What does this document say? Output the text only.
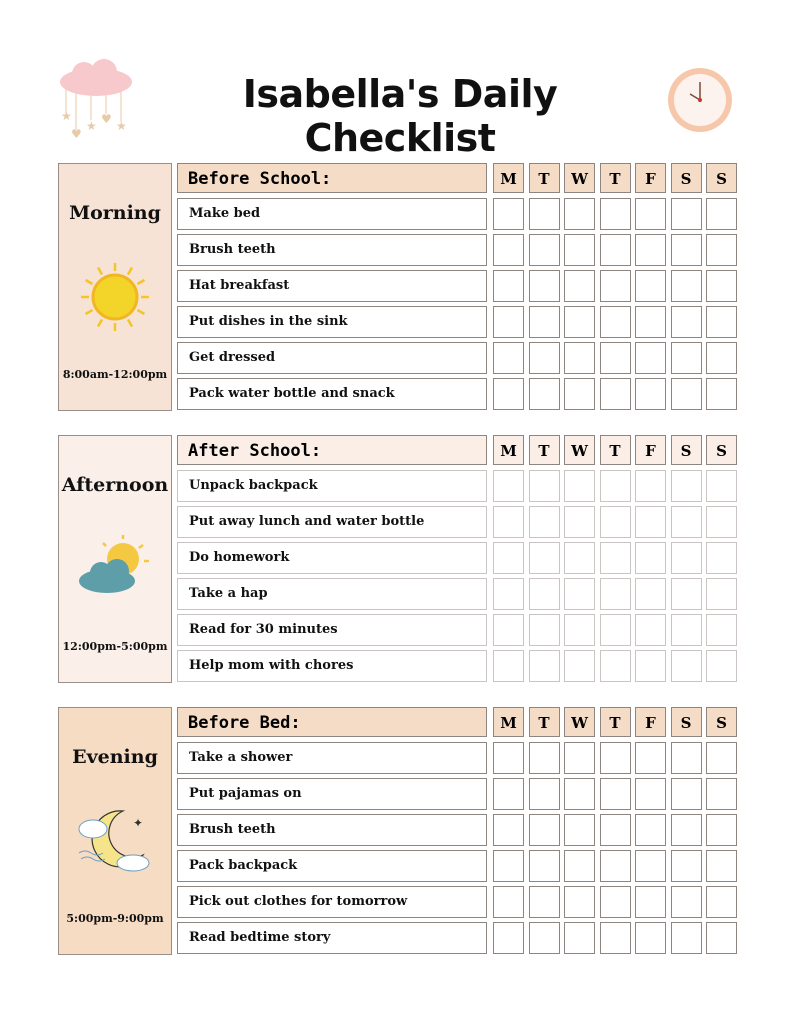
★
★ ★
♥
♥
Isabella's Daily Checklist
Morning
8:00am-12:00pm
Before School:	M	T	W	T	F	S	S
Make bed
Brush teeth
Hat breakfast
Put dishes in the sink
Get dressed
Pack water bottle and snack
Afternoon
12:00pm-5:00pm
After School:	M	T	W	T	F	S	S
Unpack backpack
Put away lunch and water bottle
Do homework
Take a hap
Read for 30 minutes
Help mom with chores
Evening
✦
5:00pm-9:00pm
Before Bed:	M	T	W	T	F	S	S
Take a shower
Put pajamas on
Brush teeth
Pack backpack
Pick out clothes for tomorrow
Read bedtime story
